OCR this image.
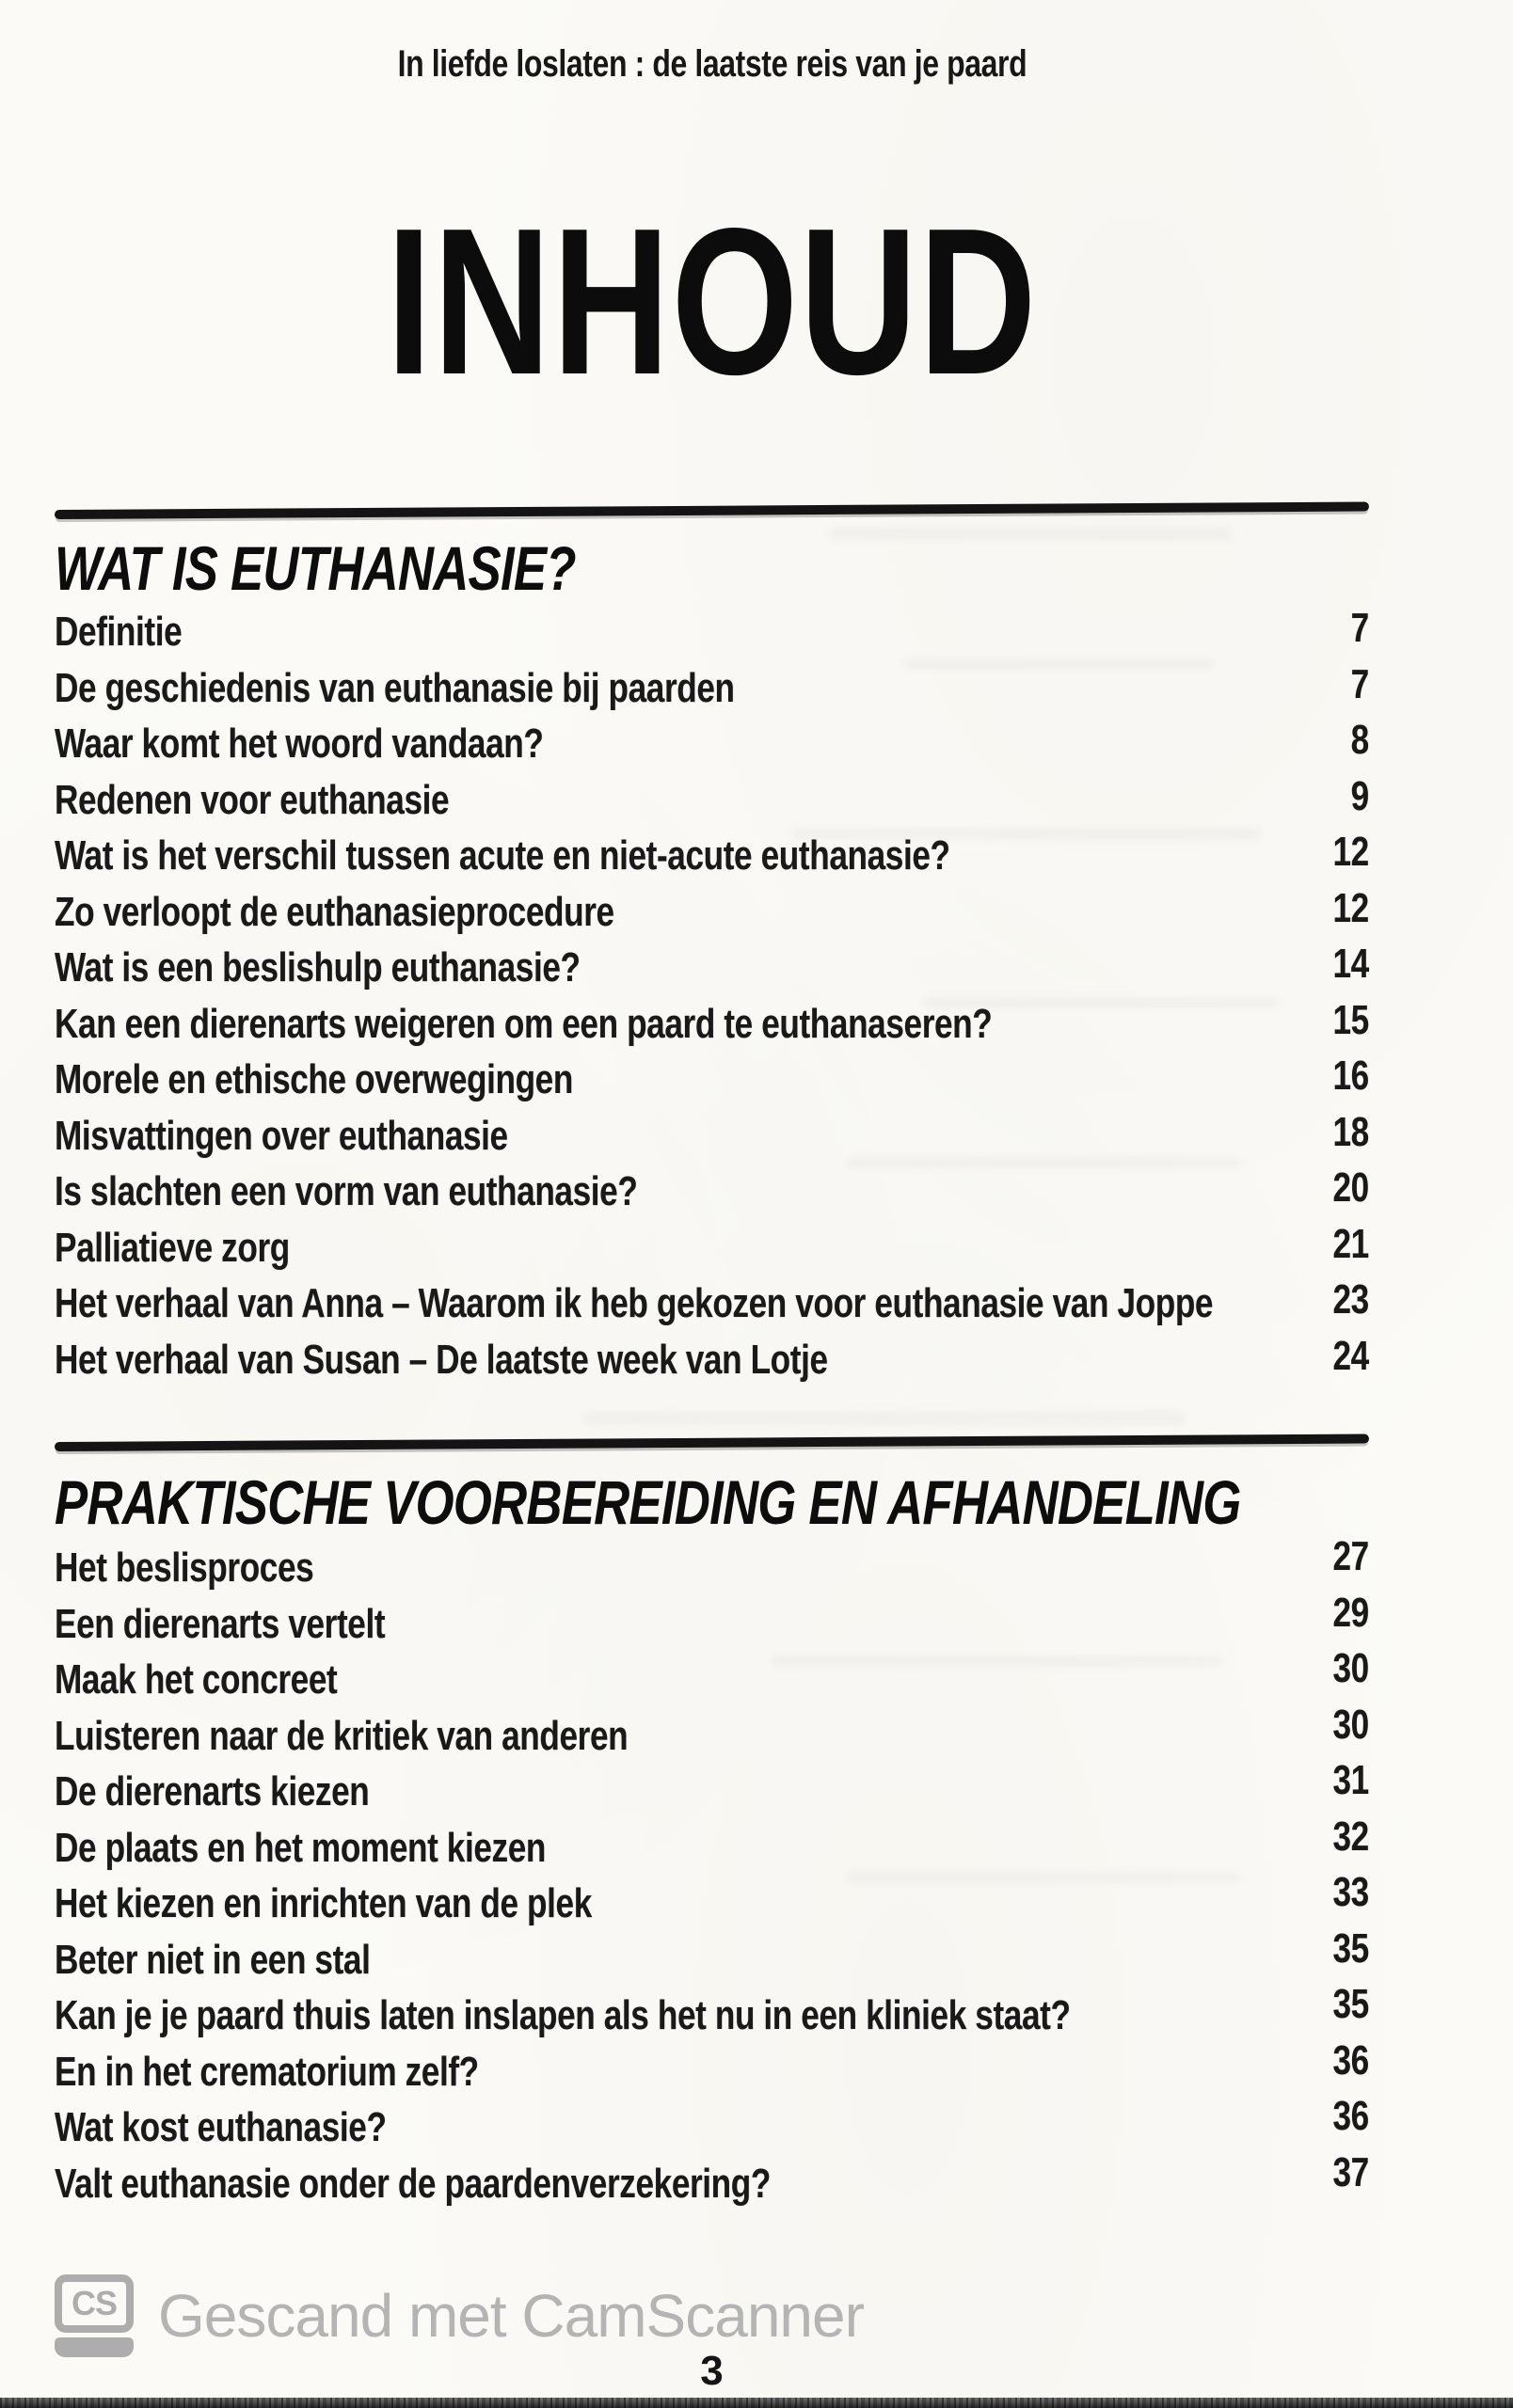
In liefde loslaten : de laatste reis van je paard
INHOUD
WAT IS EUTHANASIE?
Definitie	7
De geschiedenis van euthanasie bij paarden	7
Waar komt het woord vandaan?	8
Redenen voor euthanasie	9
Wat is het verschil tussen acute en niet-acute euthanasie?	12
Zo verloopt de euthanasieprocedure	12
Wat is een beslishulp euthanasie?	14
Kan een dierenarts weigeren om een paard te euthanaseren?	15
Morele en ethische overwegingen	16
Misvattingen over euthanasie	18
Is slachten een vorm van euthanasie?	20
Palliatieve zorg	21
Het verhaal van Anna – Waarom ik heb gekozen voor euthanasie van Joppe	23
Het verhaal van Susan – De laatste week van Lotje	24
PRAKTISCHE VOORBEREIDING EN AFHANDELING
Het beslisproces	27
Een dierenarts vertelt	29
Maak het concreet	30
Luisteren naar de kritiek van anderen	30
De dierenarts kiezen	31
De plaats en het moment kiezen	32
Het kiezen en inrichten van de plek	33
Beter niet in een stal	35
Kan je je paard thuis laten inslapen als het nu in een kliniek staat?	35
En in het crematorium zelf?	36
Wat kost euthanasie?	36
Valt euthanasie onder de paardenverzekering?	37
CS Gescand met CamScanner
3
